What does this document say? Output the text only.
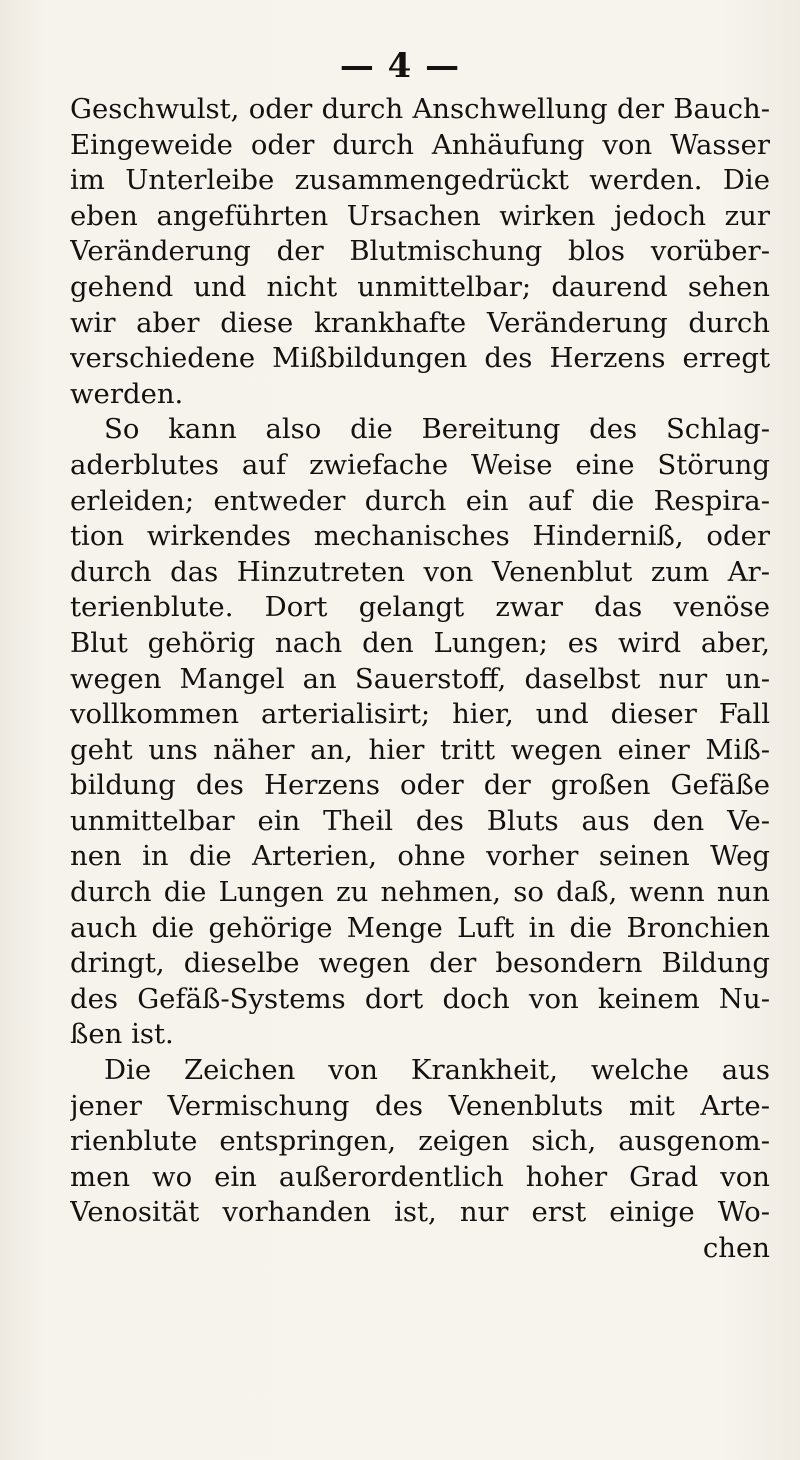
— 4 —
Geschwulst, oder durch Anschwellung der Bauch-
Eingeweide oder durch Anhäufung von Wasser
im Unterleibe zusammengedrückt werden. Die
eben angeführten Ursachen wirken jedoch zur
Veränderung der Blutmischung blos vorüber-
gehend und nicht unmittelbar; daurend sehen
wir aber diese krankhafte Veränderung durch
verschiedene Mißbildungen des Herzens erregt
werden.
So kann also die Bereitung des Schlag-
aderblutes auf zwiefache Weise eine Störung
erleiden; entweder durch ein auf die Respira-
tion wirkendes mechanisches Hinderniß, oder
durch das Hinzutreten von Venenblut zum Ar-
terienblute. Dort gelangt zwar das venöse
Blut gehörig nach den Lungen; es wird aber,
wegen Mangel an Sauerstoff, daselbst nur un-
vollkommen arterialisirt; hier, und dieser Fall
geht uns näher an, hier tritt wegen einer Miß-
bildung des Herzens oder der großen Gefäße
unmittelbar ein Theil des Bluts aus den Ve-
nen in die Arterien, ohne vorher seinen Weg
durch die Lungen zu nehmen, so daß, wenn nun
auch die gehörige Menge Luft in die Bronchien
dringt, dieselbe wegen der besondern Bildung
des Gefäß-Systems dort doch von keinem Nu-
ßen ist.
Die Zeichen von Krankheit, welche aus
jener Vermischung des Venenbluts mit Arte-
rienblute entspringen, zeigen sich, ausgenom-
men wo ein außerordentlich hoher Grad von
Venosität vorhanden ist, nur erst einige Wo-
chen
